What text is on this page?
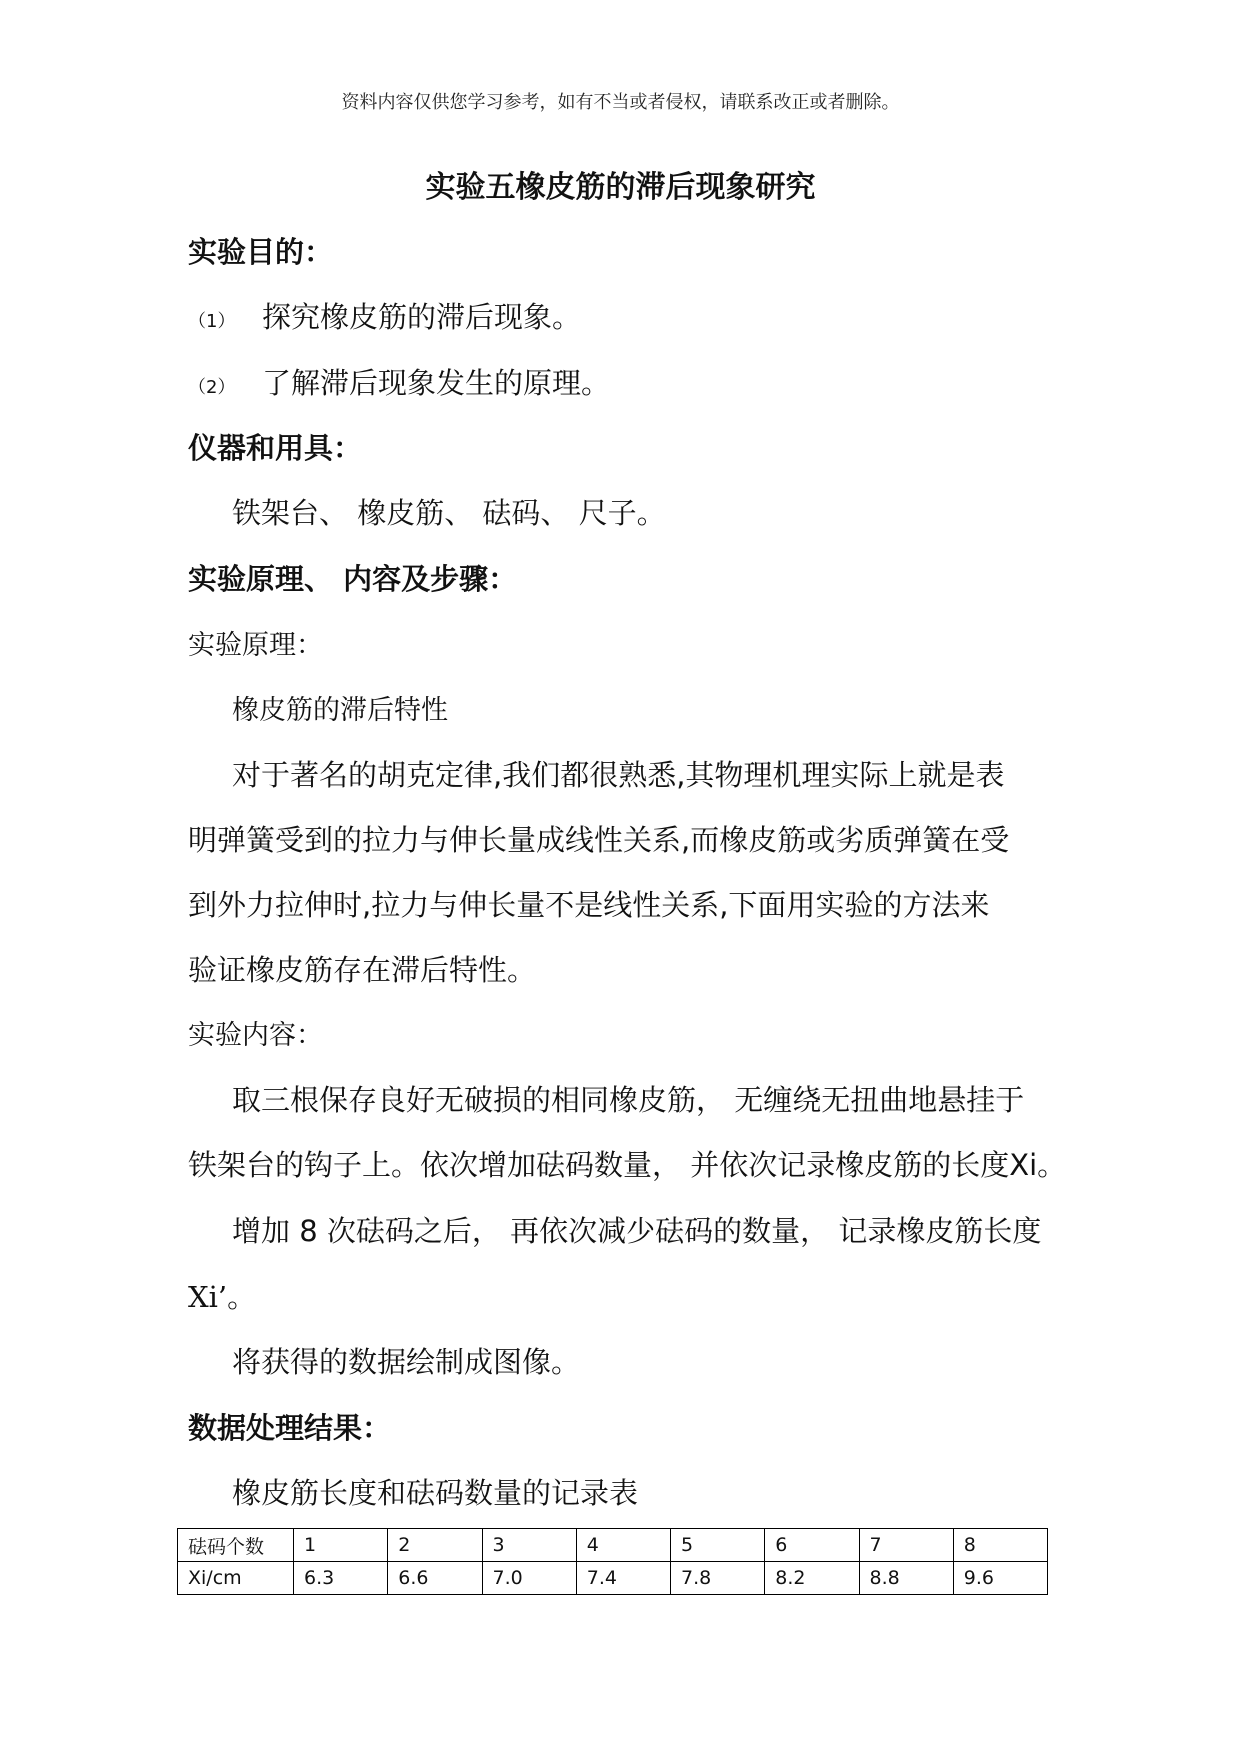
资料内容仅供您学习参考，如有不当或者侵权，请联系改正或者删除。
实验五橡皮筋的滞后现象研究
实验目的：
（1） 探究橡皮筋的滞后现象。
（2） 了解滞后现象发生的原理。
仪器和用具：
铁架台、 橡皮筋、 砝码、 尺子。
实验原理、 内容及步骤：
实验原理：
橡皮筋的滞后特性
对于著名的胡克定律,我们都很熟悉,其物理机理实际上就是表
明弹簧受到的拉力与伸长量成线性关系,而橡皮筋或劣质弹簧在受
到外力拉伸时,拉力与伸长量不是线性关系,下面用实验的方法来
验证橡皮筋存在滞后特性。
实验内容：
取三根保存良好无破损的相同橡皮筋， 无缠绕无扭曲地悬挂于
铁架台的钩子上。依次增加砝码数量， 并依次记录橡皮筋的长度Xi。
增加 8 次砝码之后， 再依次减少砝码的数量， 记录橡皮筋长度
Xi’。
将获得的数据绘制成图像。
数据处理结果：
橡皮筋长度和砝码数量的记录表
砝码个数	1	2	3	4	5	6	7	8
Xi/cm	6.3	6.6	7.0	7.4	7.8	8.2	8.8	9.6
